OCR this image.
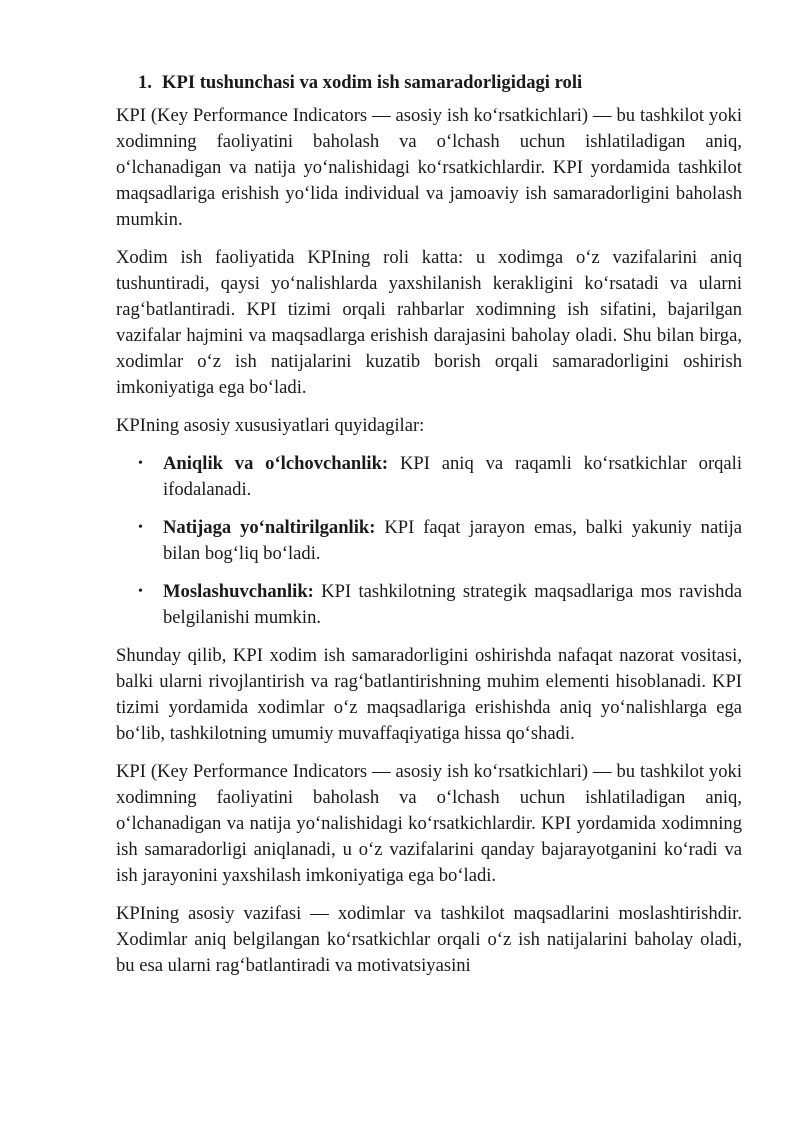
1. KPI tushunchasi va xodim ish samaradorligidagi roli

KPI (Key Performance Indicators — asosiy ish ko‘rsatkichlari) — bu tashkilot yoki xodimning faoliyatini baholash va o‘lchash uchun ishlatiladigan aniq, o‘lchanadigan va natija yo‘nalishidagi ko‘rsatkichlardir. KPI yordamida tashkilot maqsadlariga erishish yo‘lida individual va jamoaviy ish samaradorligini baholash mumkin.

Xodim ish faoliyatida KPIning roli katta: u xodimga o‘z vazifalarini aniq tushuntiradi, qaysi yo‘nalishlarda yaxshilanish kerakligini ko‘rsatadi va ularni rag‘batlantiradi. KPI tizimi orqali rahbarlar xodimning ish sifatini, bajarilgan vazifalar hajmini va maqsadlarga erishish darajasini baholay oladi. Shu bilan birga, xodimlar o‘z ish natijalarini kuzatib borish orqali samaradorligini oshirish imkoniyatiga ega bo‘ladi.

KPIning asosiy xususiyatlari quyidagilar:

• Aniqlik va o‘lchovchanlik: KPI aniq va raqamli ko‘rsatkichlar orqali ifodalanadi.
• Natijaga yo‘naltirilganlik: KPI faqat jarayon emas, balki yakuniy natija bilan bog‘liq bo‘ladi.
• Moslashuvchanlik: KPI tashkilotning strategik maqsadlariga mos ravishda belgilanishi mumkin.

Shunday qilib, KPI xodim ish samaradorligini oshirishda nafaqat nazorat vositasi, balki ularni rivojlantirish va rag‘batlantirishning muhim elementi hisoblanadi. KPI tizimi yordamida xodimlar o‘z maqsadlariga erishishda aniq yo‘nalishlarga ega bo‘lib, tashkilotning umumiy muvaffaqiyatiga hissa qo‘shadi.

KPI (Key Performance Indicators — asosiy ish ko‘rsatkichlari) — bu tashkilot yoki xodimning faoliyatini baholash va o‘lchash uchun ishlatiladigan aniq, o‘lchanadigan va natija yo‘nalishidagi ko‘rsatkichlardir. KPI yordamida xodimning ish samaradorligi aniqlanadi, u o‘z vazifalarini qanday bajarayotganini ko‘radi va ish jarayonini yaxshilash imkoniyatiga ega bo‘ladi.

KPIning asosiy vazifasi — xodimlar va tashkilot maqsadlarini moslashtirishdir. Xodimlar aniq belgilangan ko‘rsatkichlar orqali o‘z ish natijalarini baholay oladi, bu esa ularni rag‘batlantiradi va motivatsiyasini
